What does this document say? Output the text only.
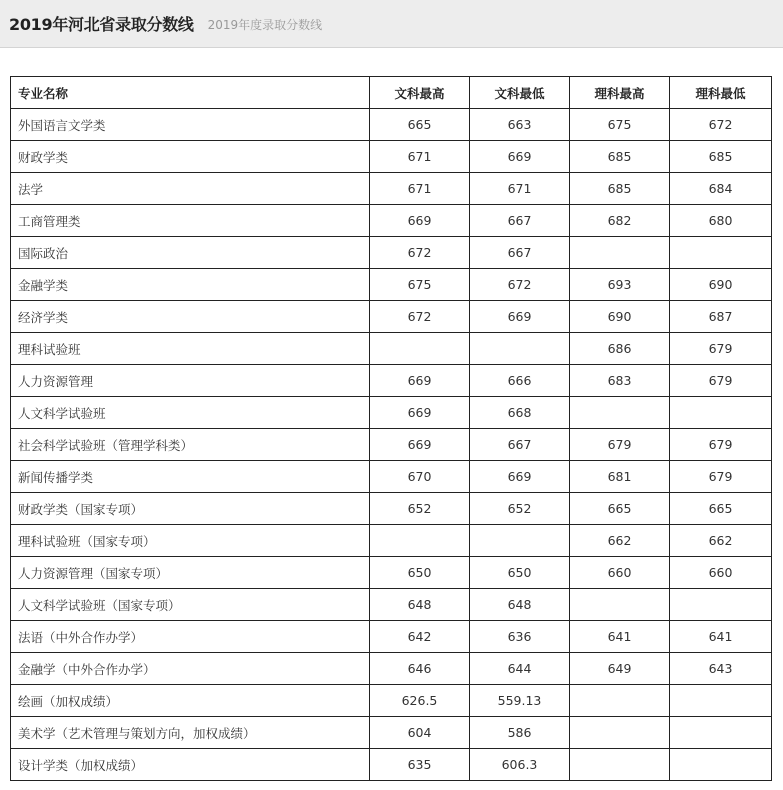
2019年河北省录取分数线 2019年度录取分数线
专业名称	文科最高	文科最低	理科最高	理科最低
外国语言文学类	665	663	675	672
财政学类	671	669	685	685
法学	671	671	685	684
工商管理类	669	667	682	680
国际政治	672	667		
金融学类	675	672	693	690
经济学类	672	669	690	687
理科试验班			686	679
人力资源管理	669	666	683	679
人文科学试验班	669	668		
社会科学试验班（管理学科类）	669	667	679	679
新闻传播学类	670	669	681	679
财政学类（国家专项）	652	652	665	665
理科试验班（国家专项）			662	662
人力资源管理（国家专项）	650	650	660	660
人文科学试验班（国家专项）	648	648		
法语（中外合作办学）	642	636	641	641
金融学（中外合作办学）	646	644	649	643
绘画（加权成绩）	626.5	559.13		
美术学（艺术管理与策划方向，加权成绩）	604	586		
设计学类（加权成绩）	635	606.3		
